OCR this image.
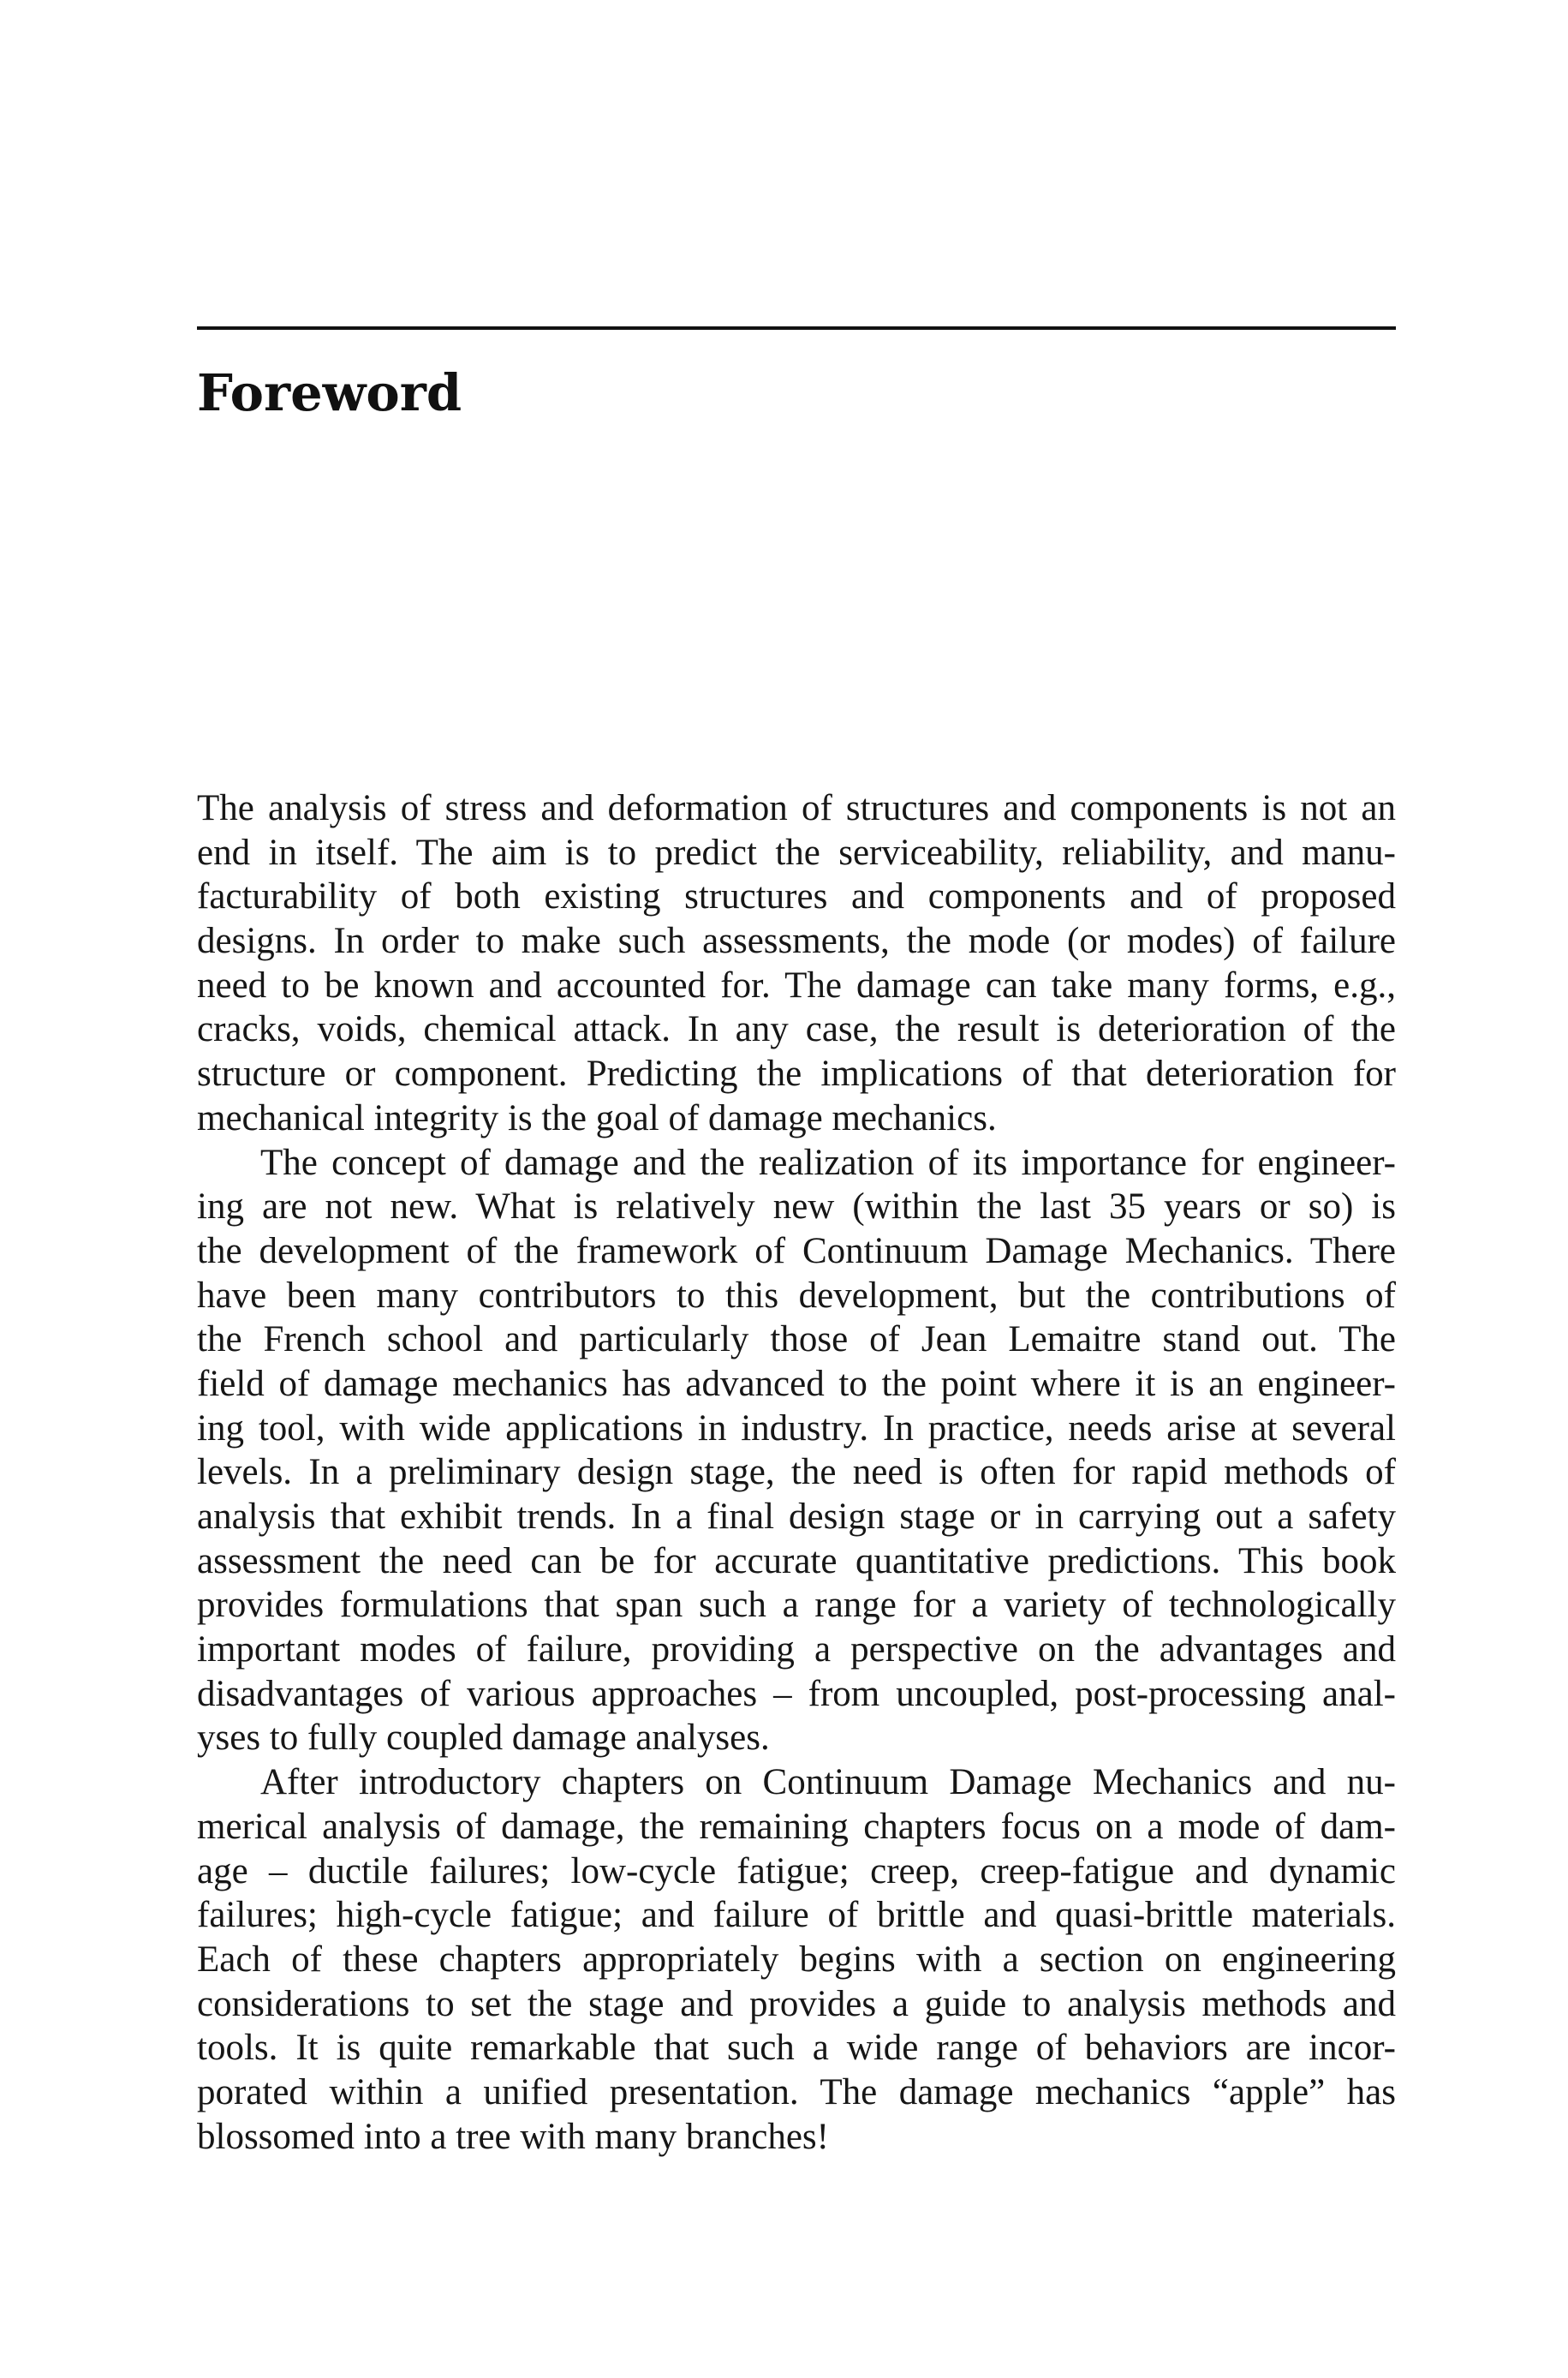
Foreword
The analysis of stress and deformation of structures and components is not an
end in itself. The aim is to predict the serviceability, reliability, and manu-
facturability of both existing structures and components and of proposed
designs. In order to make such assessments, the mode (or modes) of failure
need to be known and accounted for. The damage can take many forms, e.g.,
cracks, voids, chemical attack. In any case, the result is deterioration of the
structure or component. Predicting the implications of that deterioration for
mechanical integrity is the goal of damage mechanics.
The concept of damage and the realization of its importance for engineer-
ing are not new. What is relatively new (within the last 35 years or so) is
the development of the framework of Continuum Damage Mechanics. There
have been many contributors to this development, but the contributions of
the French school and particularly those of Jean Lemaitre stand out. The
field of damage mechanics has advanced to the point where it is an engineer-
ing tool, with wide applications in industry. In practice, needs arise at several
levels. In a preliminary design stage, the need is often for rapid methods of
analysis that exhibit trends. In a final design stage or in carrying out a safety
assessment the need can be for accurate quantitative predictions. This book
provides formulations that span such a range for a variety of technologically
important modes of failure, providing a perspective on the advantages and
disadvantages of various approaches – from uncoupled, post-processing anal-
yses to fully coupled damage analyses.
After introductory chapters on Continuum Damage Mechanics and nu-
merical analysis of damage, the remaining chapters focus on a mode of dam-
age – ductile failures; low-cycle fatigue; creep, creep-fatigue and dynamic
failures; high-cycle fatigue; and failure of brittle and quasi-brittle materials.
Each of these chapters appropriately begins with a section on engineering
considerations to set the stage and provides a guide to analysis methods and
tools. It is quite remarkable that such a wide range of behaviors are incor-
porated within a unified presentation. The damage mechanics “apple” has
blossomed into a tree with many branches!
